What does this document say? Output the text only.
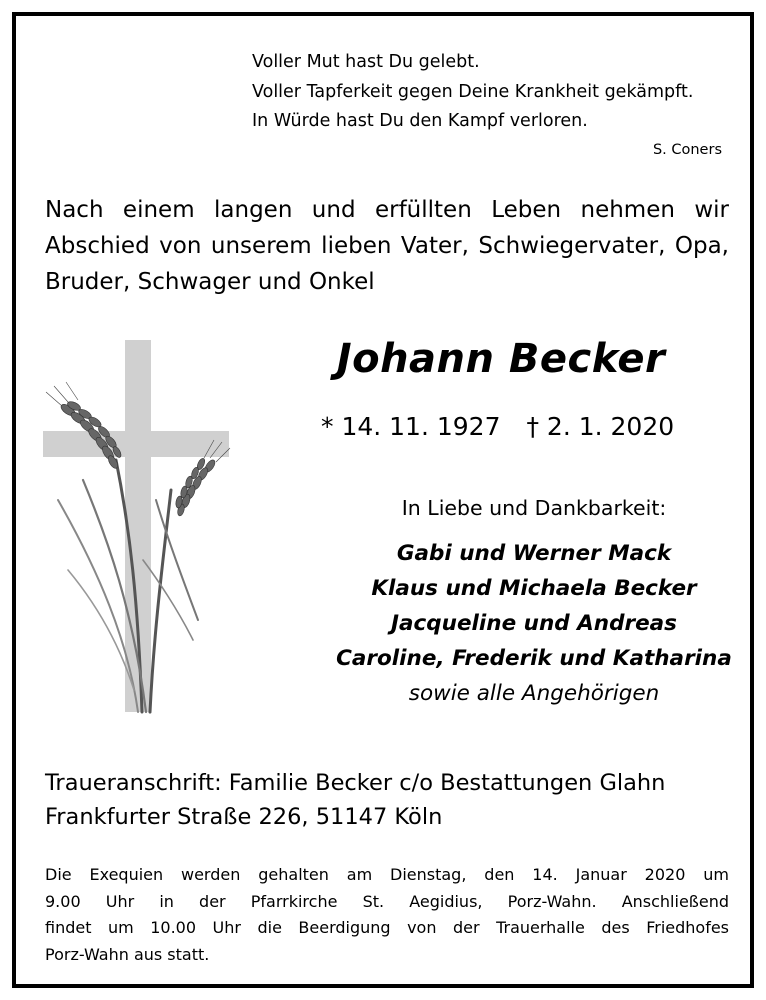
Voller Mut hast Du gelebt.
Voller Tapferkeit gegen Deine Krankheit gekämpft.
In Würde hast Du den Kampf verloren.
S. Coners
Nach einem langen und erfüllten Leben nehmen wir
Abschied von unserem lieben Vater, Schwiegervater, Opa,
Bruder, Schwager und Onkel
Johann Becker
* 14. 11. 1927 † 2. 1. 2020
In Liebe und Dankbarkeit:
Gabi und Werner Mack
Klaus und Michaela Becker
Jacqueline und Andreas
Caroline, Frederik und Katharina
sowie alle Angehörigen
Traueranschrift: Familie Becker c/o Bestattungen Glahn
Frankfurter Straße 226, 51147 Köln
Die Exequien werden gehalten am Dienstag, den 14. Januar 2020 um
9.00 Uhr in der Pfarrkirche St. Aegidius, Porz-Wahn. Anschließend
findet um 10.00 Uhr die Beerdigung von der Trauerhalle des Friedhofes
Porz-Wahn aus statt.
